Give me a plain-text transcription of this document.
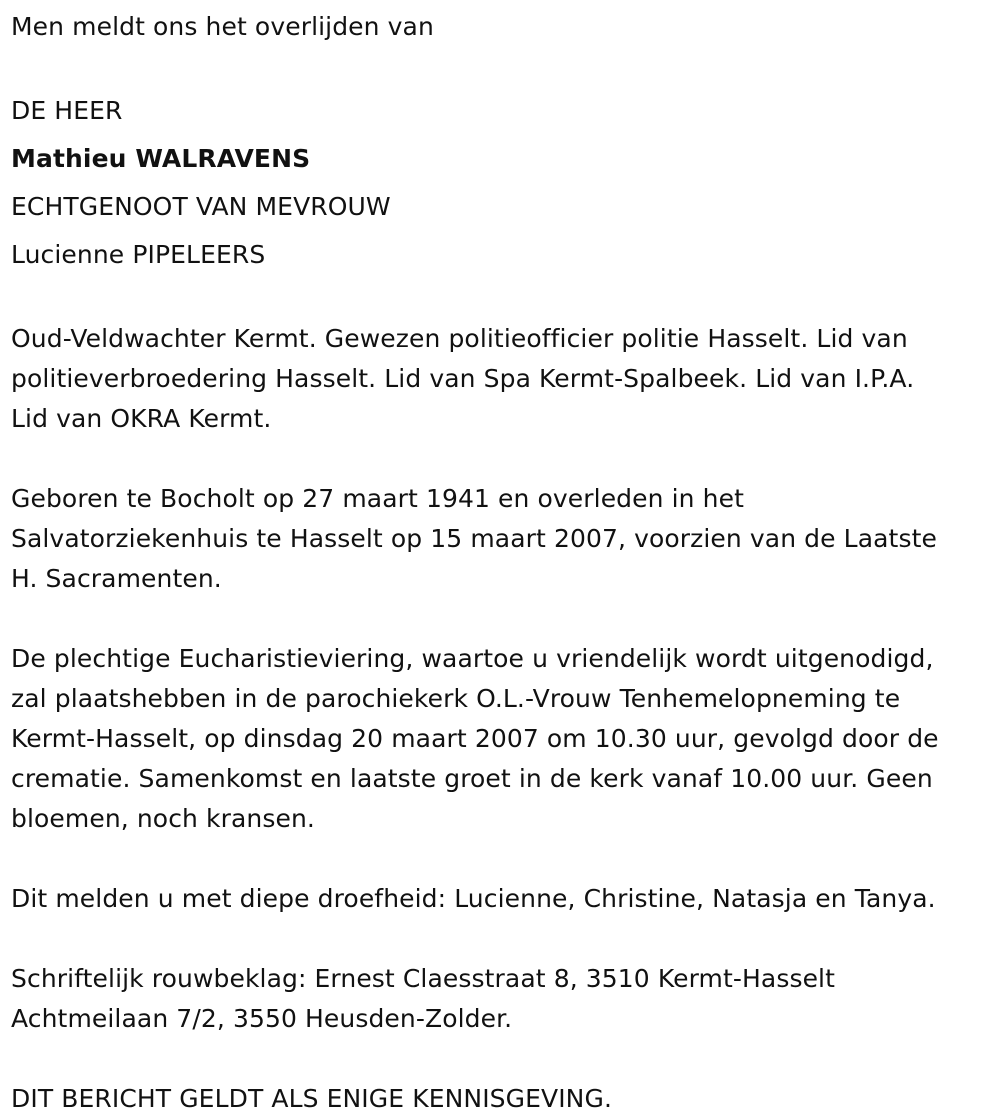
Men meldt ons het overlijden van
DE HEER
Mathieu WALRAVENS
ECHTGENOOT VAN MEVROUW
Lucienne PIPELEERS
Oud-Veldwachter Kermt. Gewezen politieofficier politie Hasselt. Lid van
politieverbroedering Hasselt. Lid van Spa Kermt-Spalbeek. Lid van I.P.A.
Lid van OKRA Kermt.
Geboren te Bocholt op 27 maart 1941 en overleden in het
Salvatorziekenhuis te Hasselt op 15 maart 2007, voorzien van de Laatste
H. Sacramenten.
De plechtige Eucharistieviering, waartoe u vriendelijk wordt uitgenodigd,
zal plaatshebben in de parochiekerk O.L.-Vrouw Tenhemelopneming te
Kermt-Hasselt, op dinsdag 20 maart 2007 om 10.30 uur, gevolgd door de
crematie. Samenkomst en laatste groet in de kerk vanaf 10.00 uur. Geen
bloemen, noch kransen.
Dit melden u met diepe droefheid: Lucienne, Christine, Natasja en Tanya.
Schriftelijk rouwbeklag: Ernest Claesstraat 8, 3510 Kermt-Hasselt
Achtmeilaan 7/2, 3550 Heusden-Zolder.
DIT BERICHT GELDT ALS ENIGE KENNISGEVING.
